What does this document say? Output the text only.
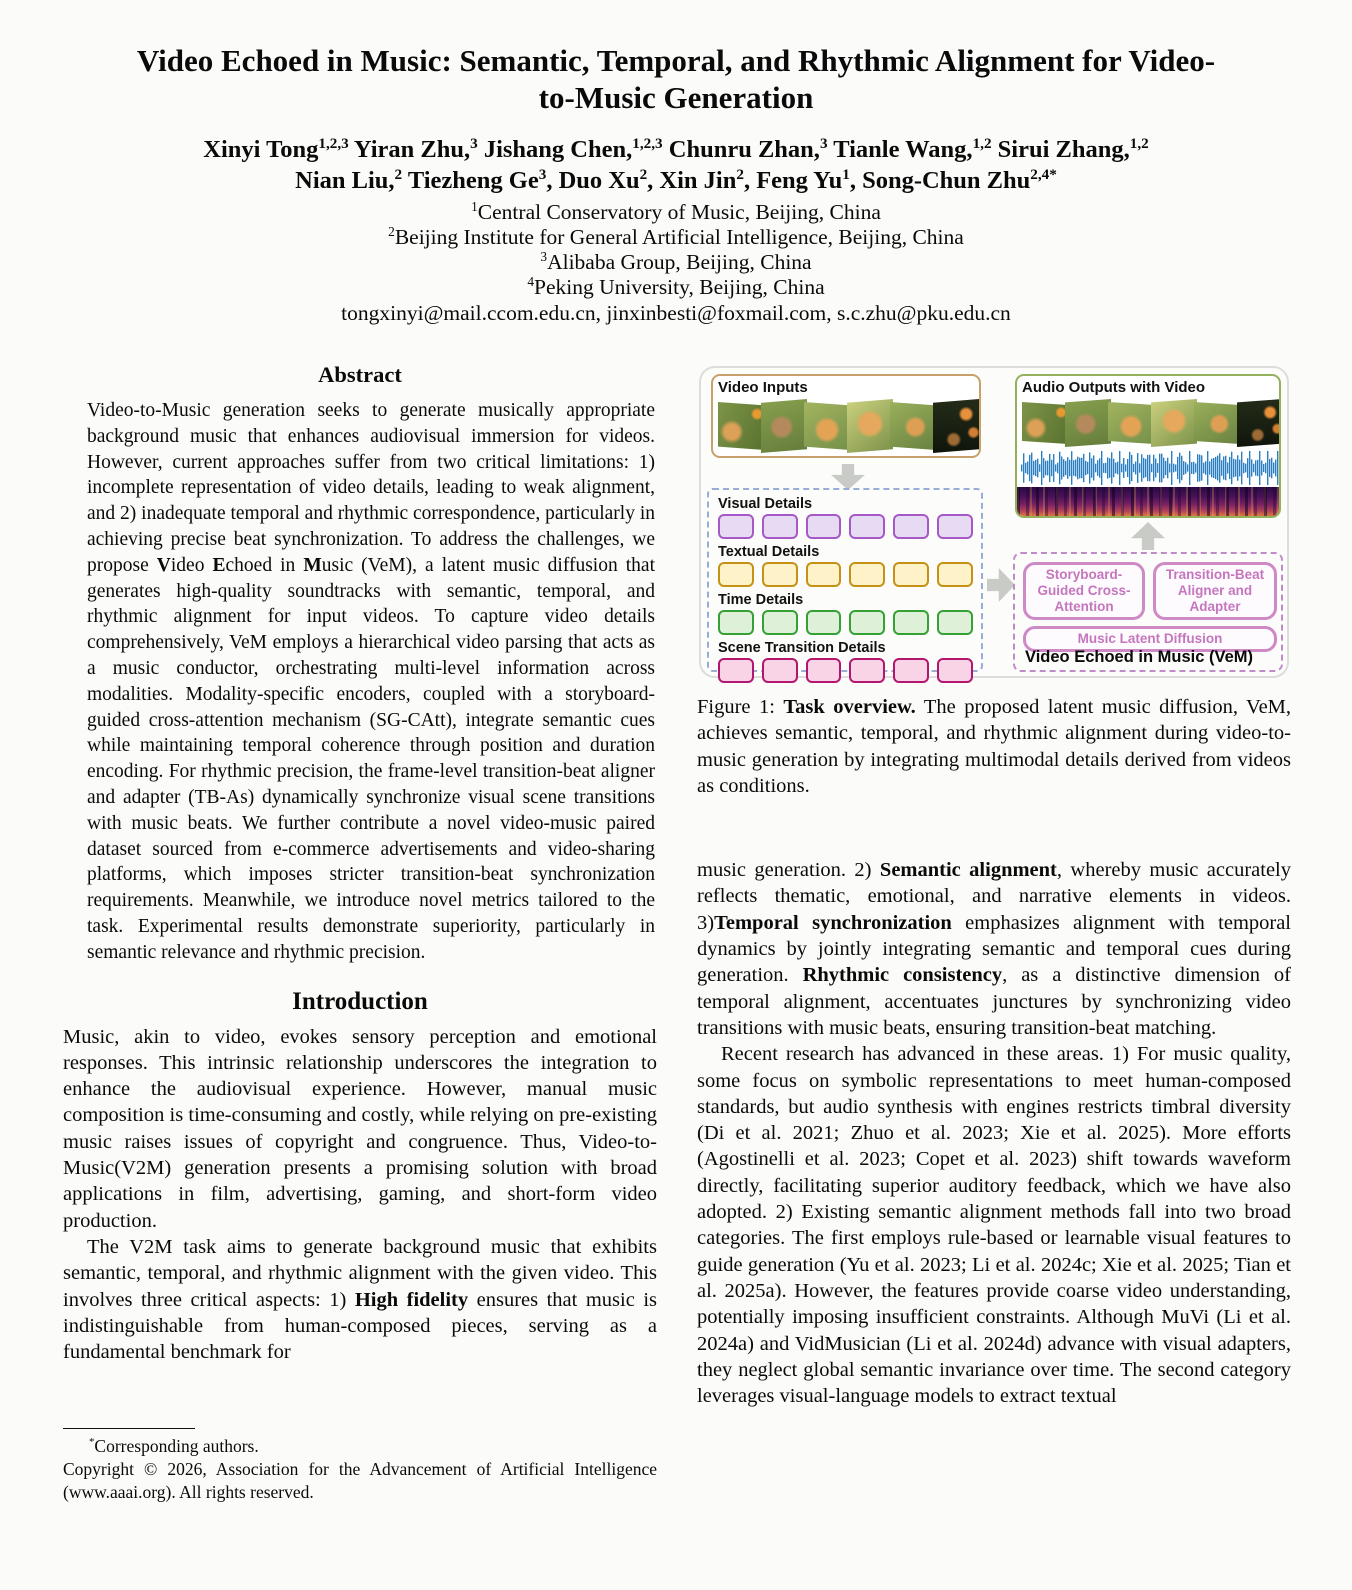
Video Echoed in Music: Semantic, Temporal, and Rhythmic Alignment for Video-to-Music Generation
Xinyi Tong$^{1,2,3}$ Yiran Zhu,$^3$ Jishang Chen,$^{1,2,3}$ Chunru Zhan,$^3$ Tianle Wang,$^{1,2}$ Sirui Zhang,$^{1,2}$
Nian Liu,$^2$ Tiezheng Ge$^3$, Duo Xu$^2$, Xin Jin$^2$, Feng Yu$^1$, Song-Chun Zhu$^{2,4*}$
$^1$Central Conservatory of Music, Beijing, China
$^2$Beijing Institute for General Artificial Intelligence, Beijing, China
$^3$Alibaba Group, Beijing, China
$^4$Peking University, Beijing, China
tongxinyi@mail.ccom.edu.cn, jinxinbesti@foxmail.com, s.c.zhu@pku.edu.cn
Abstract

Video-to-Music generation seeks to generate musically appropriate background music that enhances audiovisual immersion for videos. However, current approaches suffer from two critical limitations: 1) incomplete representation of video details, leading to weak alignment, and 2) inadequate temporal and rhythmic correspondence, particularly in achieving precise beat synchronization. To address the challenges, we propose Video Echoed in Music (VeM), a latent music diffusion that generates high-quality soundtracks with semantic, temporal, and rhythmic alignment for input videos. To capture video details comprehensively, VeM employs a hierarchical video parsing that acts as a music conductor, orchestrating multi-level information across modalities. Modality-specific encoders, coupled with a storyboard-guided cross-attention mechanism (SG-CAtt), integrate semantic cues while maintaining temporal coherence through position and duration encoding. For rhythmic precision, the frame-level transition-beat aligner and adapter (TB-As) dynamically synchronize visual scene transitions with music beats. We further contribute a novel video-music paired dataset sourced from e-commerce advertisements and video-sharing platforms, which imposes stricter transition-beat synchronization requirements. Meanwhile, we introduce novel metrics tailored to the task. Experimental results demonstrate superiority, particularly in semantic relevance and rhythmic precision.

Introduction

Music, akin to video, evokes sensory perception and emotional responses. This intrinsic relationship underscores the integration to enhance the audiovisual experience. However, manual music composition is time-consuming and costly, while relying on pre-existing music raises issues of copyright and congruence. Thus, Video-to-Music(V2M) generation presents a promising solution with broad applications in film, advertising, gaming, and short-form video production.

The V2M task aims to generate background music that exhibits semantic, temporal, and rhythmic alignment with the given video. This involves three critical aspects: 1) High fidelity ensures that music is indistinguishable from human-composed pieces, serving as a fundamental benchmark for

*Corresponding authors.
Copyright © 2026, Association for the Advancement of Artificial Intelligence (www.aaai.org). All rights reserved.
Video Inputs
Visual Details
Textual Details
Time Details
Scene Transition Details
Audio Outputs with Video
Storyboard-Guided Cross-Attention
Transition-Beat Aligner and Adapter
Music Latent Diffusion
Video Echoed in Music (VeM)
Figure 1: Task overview. The proposed latent music diffusion, VeM, achieves semantic, temporal, and rhythmic alignment during video-to-music generation by integrating multimodal details derived from videos as conditions.

music generation. 2) Semantic alignment, whereby music accurately reflects thematic, emotional, and narrative elements in videos. 3)Temporal synchronization emphasizes alignment with temporal dynamics by jointly integrating semantic and temporal cues during generation. Rhythmic consistency, as a distinctive dimension of temporal alignment, accentuates junctures by synchronizing video transitions with music beats, ensuring transition-beat matching.

Recent research has advanced in these areas. 1) For music quality, some focus on symbolic representations to meet human-composed standards, but audio synthesis with engines restricts timbral diversity (Di et al. 2021; Zhuo et al. 2023; Xie et al. 2025). More efforts (Agostinelli et al. 2023; Copet et al. 2023) shift towards waveform directly, facilitating superior auditory feedback, which we have also adopted. 2) Existing semantic alignment methods fall into two broad categories. The first employs rule-based or learnable visual features to guide generation (Yu et al. 2023; Li et al. 2024c; Xie et al. 2025; Tian et al. 2025a). However, the features provide coarse video understanding, potentially imposing insufficient constraints. Although MuVi (Li et al. 2024a) and VidMusician (Li et al. 2024d) advance with visual adapters, they neglect global semantic invariance over time. The second category leverages visual-language models to extract textual
